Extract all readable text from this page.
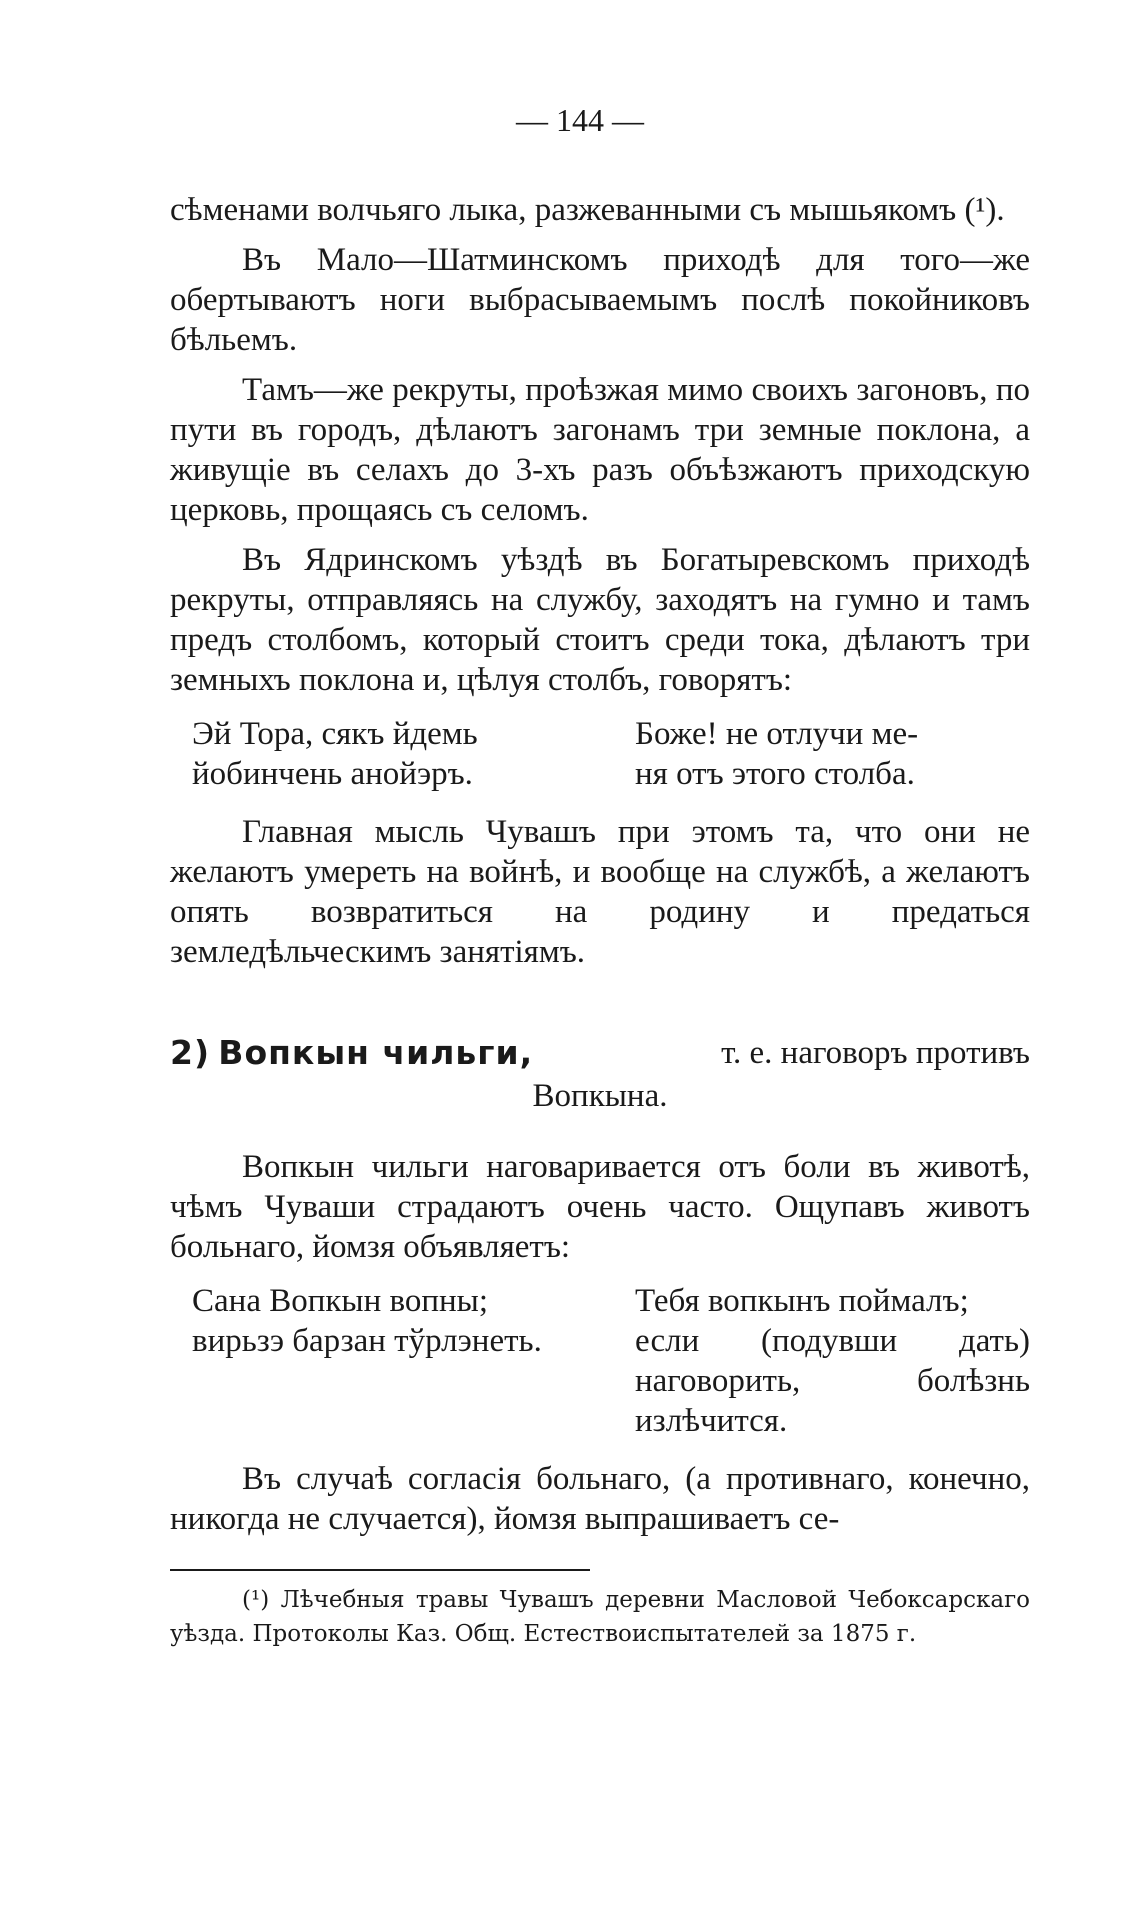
— 144 —

сѣменами волчьяго лыка, разжеванными съ мышьякомъ (¹).

Въ Мало—Шатминскомъ приходѣ для того—же обертываютъ ноги выбрасываемымъ послѣ покойниковъ бѣльемъ.

Тамъ—же рекруты, проѣзжая мимо своихъ загоновъ, по пути въ городъ, дѣлаютъ загонамъ три земные поклона, а живущіе въ селахъ до 3-хъ разъ объѣзжаютъ приходскую церковь, прощаясь съ селомъ.

Въ Ядринскомъ уѣздѣ въ Богатыревскомъ приходѣ рекруты, отправляясь на службу, заходятъ на гумно и тамъ предъ столбомъ, который стоитъ среди тока, дѣлаютъ три земныхъ поклона и, цѣлуя столбъ, говорятъ:

Эй Тора, сякъ йдемь
йобинчень анойэръ.
Боже! не отлучи ме-
ня отъ этого столба.

Главная мысль Чувашъ при этомъ та, что они не желаютъ умереть на войнѣ, и вообще на службѣ, а желаютъ опять возвратиться на родину и предаться земледѣльческимъ занятіямъ.

2) Вопкын чильги,	т. е. наговоръ противъ
Вопкына.

Вопкын чильги наговаривается отъ боли въ животѣ, чѣмъ Чуваши страдаютъ очень часто. Ощупавъ животъ больнаго, йомзя объявляетъ:

Сана Вопкын вопны;
вирьзэ барзан тўрлэнеть.
Тебя вопкынъ поймалъ;
если (подувши дать) наговорить, болѣзнь излѣчится.

Въ случаѣ согласія больнаго, (а противнаго, конечно, никогда не случается), йомзя выпрашиваетъ се-

(¹) Лѣчебныя травы Чувашъ деревни Масловой Чебоксарскаго уѣзда. Протоколы Каз. Общ. Естествоиспытателей за 1875 г.
